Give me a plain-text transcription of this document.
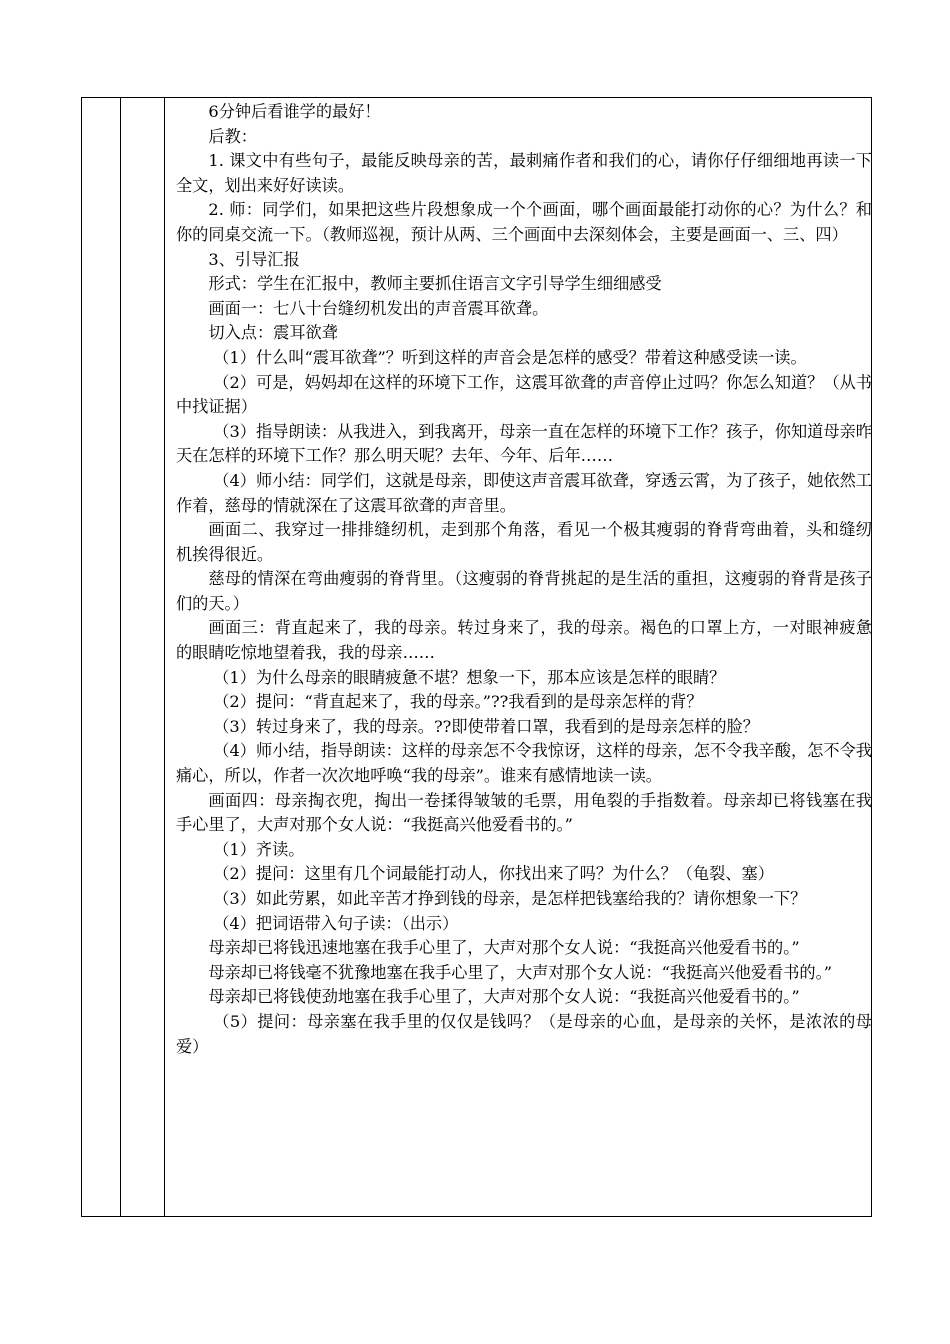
6分钟后看谁学的最好！

后教：

1. 课文中有些句子，最能反映母亲的苦，最刺痛作者和我们的心，请你仔仔细细地再读一下全文，划出来好好读读。

2. 师：同学们，如果把这些片段想象成一个个画面，哪个画面最能打动你的心？为什么？和你的同桌交流一下。（教师巡视，预计从两、三个画面中去深刻体会，主要是画面一、三、四）

3、引导汇报

形式：学生在汇报中，教师主要抓住语言文字引导学生细细感受

画面一：七八十台缝纫机发出的声音震耳欲聋。

切入点：震耳欲聋

（1）什么叫“震耳欲聋”？听到这样的声音会是怎样的感受？带着这种感受读一读。

（2）可是，妈妈却在这样的环境下工作，这震耳欲聋的声音停止过吗？你怎么知道？（从书中找证据）

（3）指导朗读：从我进入，到我离开，母亲一直在怎样的环境下工作？孩子，你知道母亲昨天在怎样的环境下工作？那么明天呢？去年、今年、后年……

（4）师小结：同学们，这就是母亲，即使这声音震耳欲聋，穿透云霄，为了孩子，她依然工作着，慈母的情就深在了这震耳欲聋的声音里。

画面二、我穿过一排排缝纫机，走到那个角落，看见一个极其瘦弱的脊背弯曲着，头和缝纫机挨得很近。

慈母的情深在弯曲瘦弱的脊背里。（这瘦弱的脊背挑起的是生活的重担，这瘦弱的脊背是孩子们的天。）

画面三：背直起来了，我的母亲。转过身来了，我的母亲。褐色的口罩上方，一对眼神疲惫的眼睛吃惊地望着我，我的母亲……

（1）为什么母亲的眼睛疲惫不堪？想象一下，那本应该是怎样的眼睛？

（2）提问：“背直起来了，我的母亲。”??我看到的是母亲怎样的背？

（3）转过身来了，我的母亲。??即使带着口罩，我看到的是母亲怎样的脸？

（4）师小结，指导朗读：这样的母亲怎不令我惊讶，这样的母亲，怎不令我辛酸，怎不令我痛心，所以，作者一次次地呼唤“我的母亲”。谁来有感情地读一读。

画面四：母亲掏衣兜，掏出一卷揉得皱皱的毛票，用龟裂的手指数着。母亲却已将钱塞在我手心里了，大声对那个女人说：“我挺高兴他爱看书的。”

（1）齐读。

（2）提问：这里有几个词最能打动人，你找出来了吗？为什么？（龟裂、塞）

（3）如此劳累，如此辛苦才挣到钱的母亲，是怎样把钱塞给我的？请你想象一下？

（4）把词语带入句子读：（出示）

母亲却已将钱迅速地塞在我手心里了，大声对那个女人说：“我挺高兴他爱看书的。”

母亲却已将钱毫不犹豫地塞在我手心里了，大声对那个女人说：“我挺高兴他爱看书的。”

母亲却已将钱使劲地塞在我手心里了，大声对那个女人说：“我挺高兴他爱看书的。”

（5）提问：母亲塞在我手里的仅仅是钱吗？（是母亲的心血，是母亲的关怀，是浓浓的母爱）
